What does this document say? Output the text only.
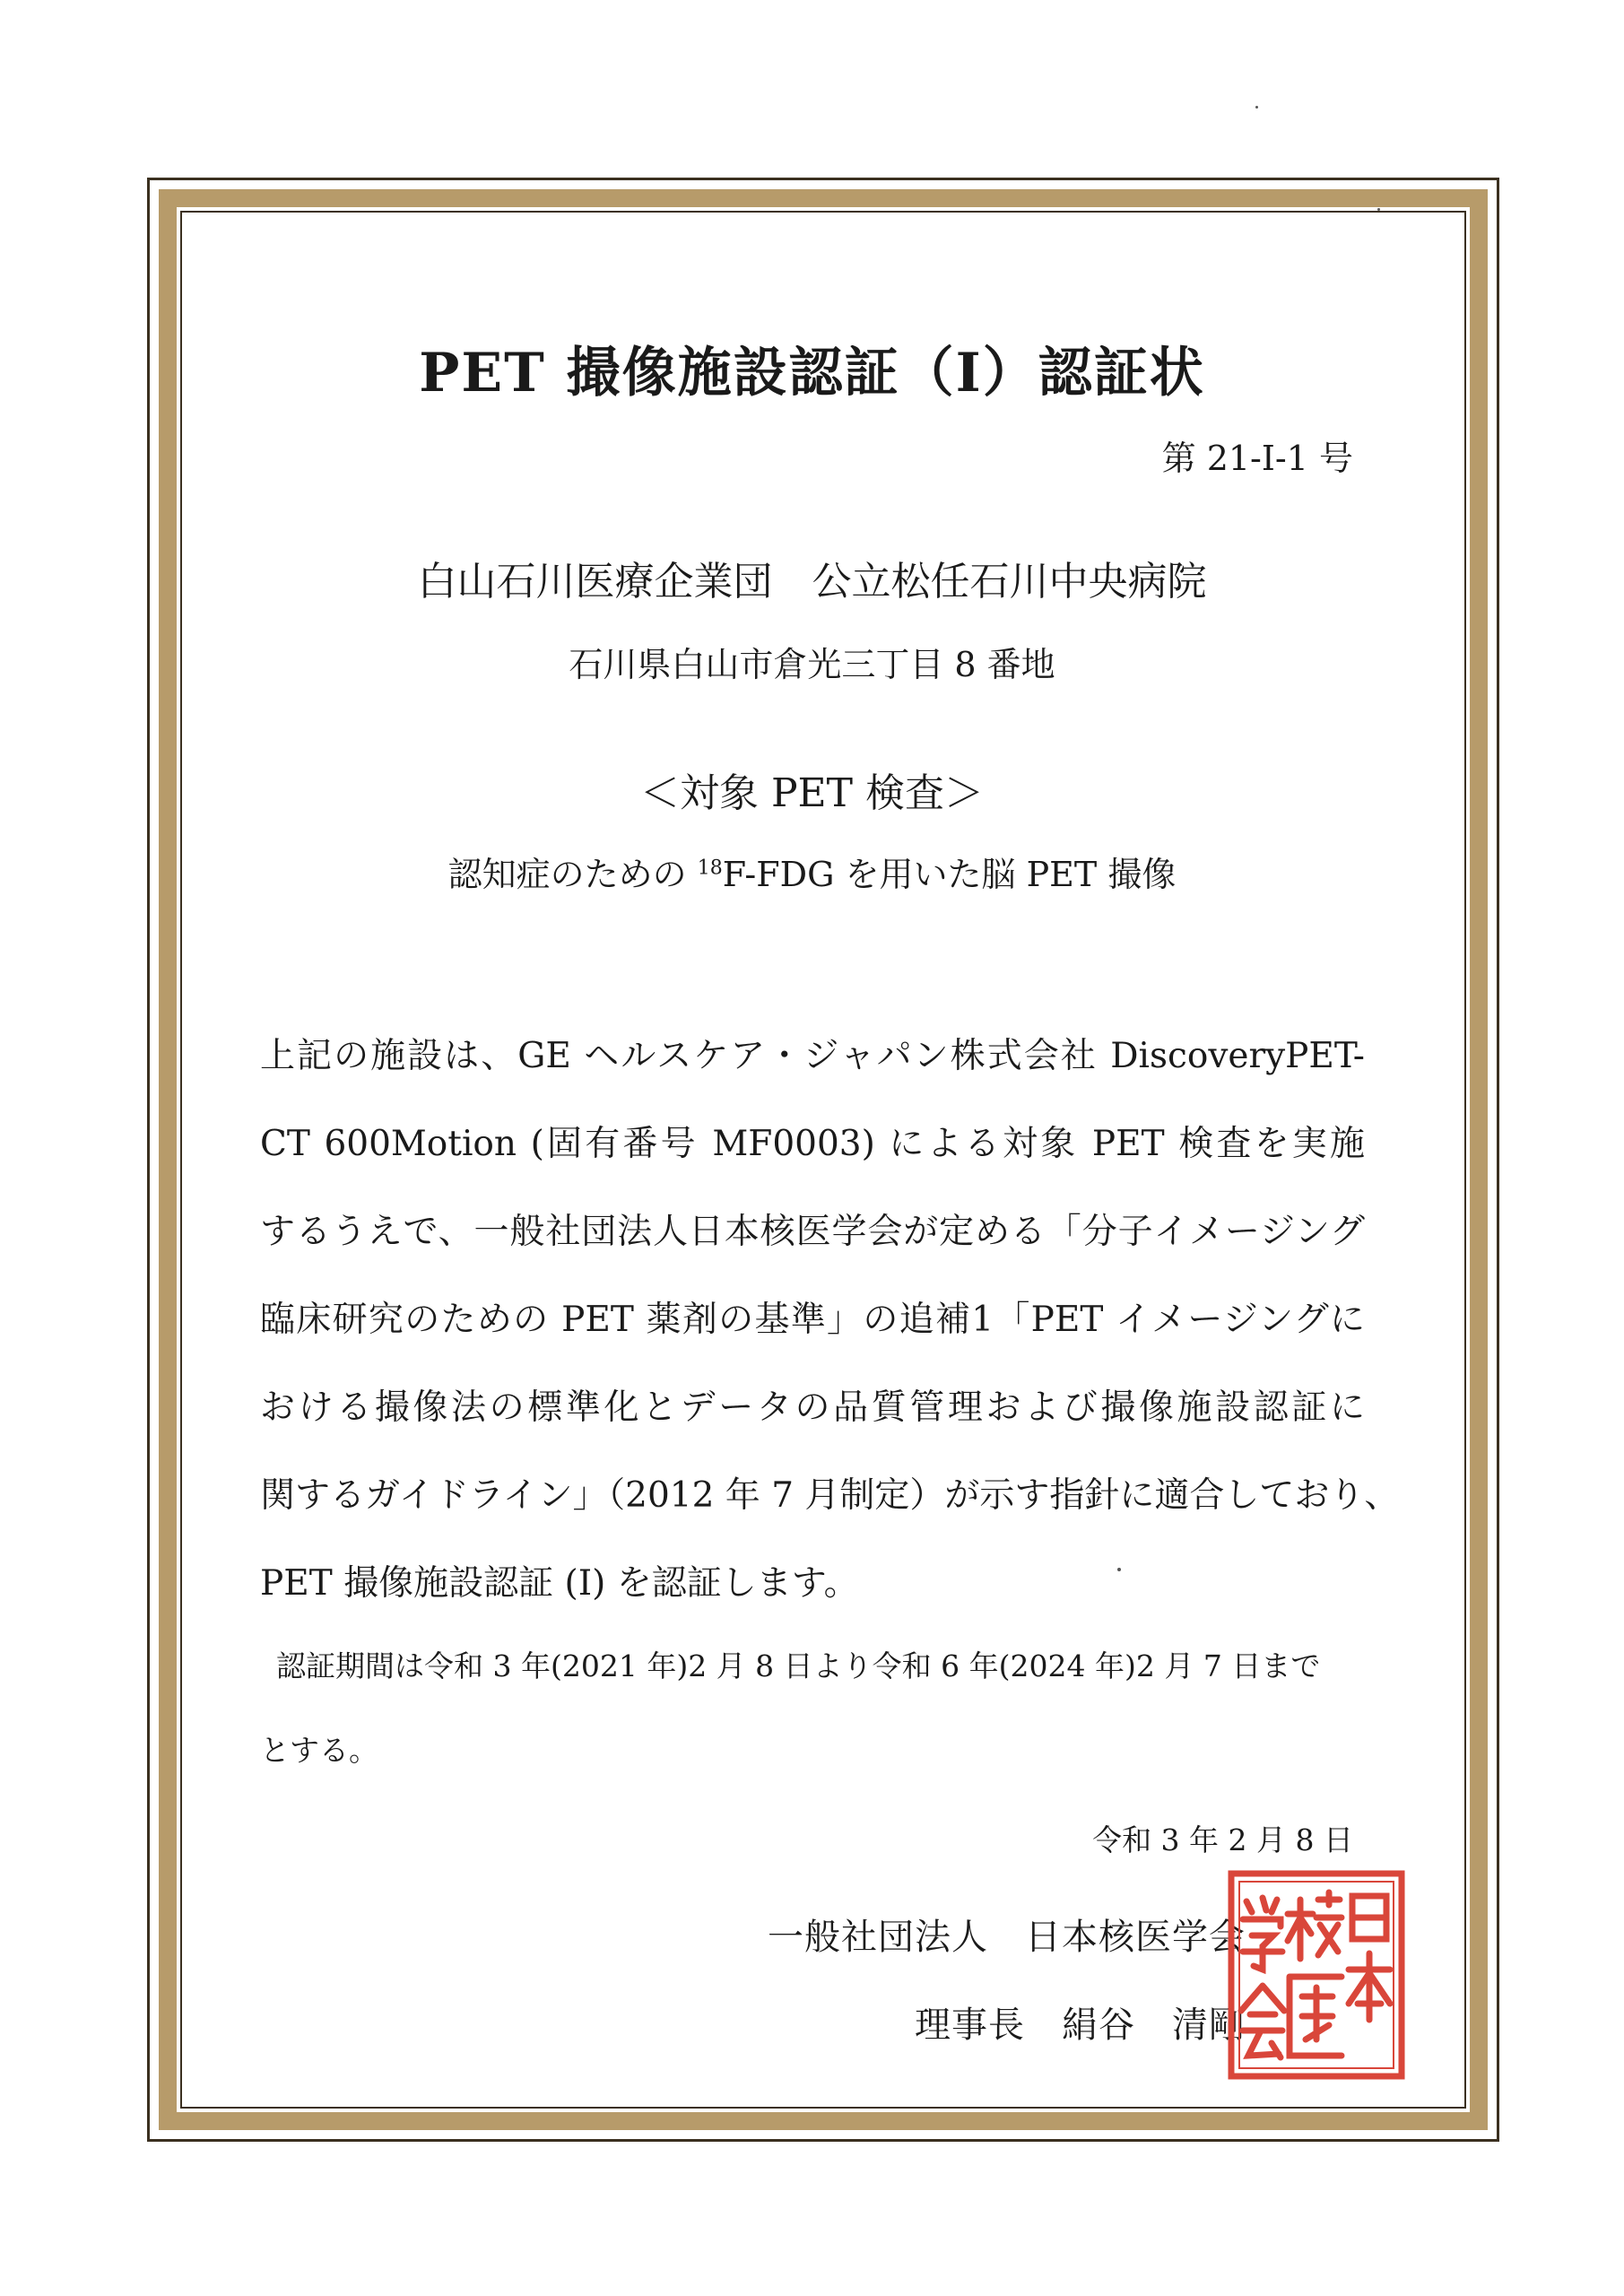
PET 撮像施設認証（I）認証状
第 21-I-1 号
白山石川医療企業団　公立松任石川中央病院
石川県白山市倉光三丁目 8 番地
＜対象 PET 検査＞
認知症のための $^{18}$F-FDG を用いた脳 PET 撮像
上記の施設は、GE ヘルスケア・ジャパン株式会社 DiscoveryPET-
CT 600Motion (固有番号 MF0003) による対象 PET 検査を実施
するうえで、一般社団法人日本核医学会が定める「分子イメージング
臨床研究のための PET 薬剤の基準」の追補1「PET イメージングに
おける撮像法の標準化とデータの品質管理および撮像施設認証に
関するガイドライン」（2012 年 7 月制定）が示す指針に適合しており、
PET 撮像施設認証 (I) を認証します。
認証期間は令和 3 年(2021 年)2 月 8 日より令和 6 年(2024 年)2 月 7 日まで
とする。
令和 3 年 2 月 8 日
一般社団法人　日本核医学会
理事長　絹谷　清剛
